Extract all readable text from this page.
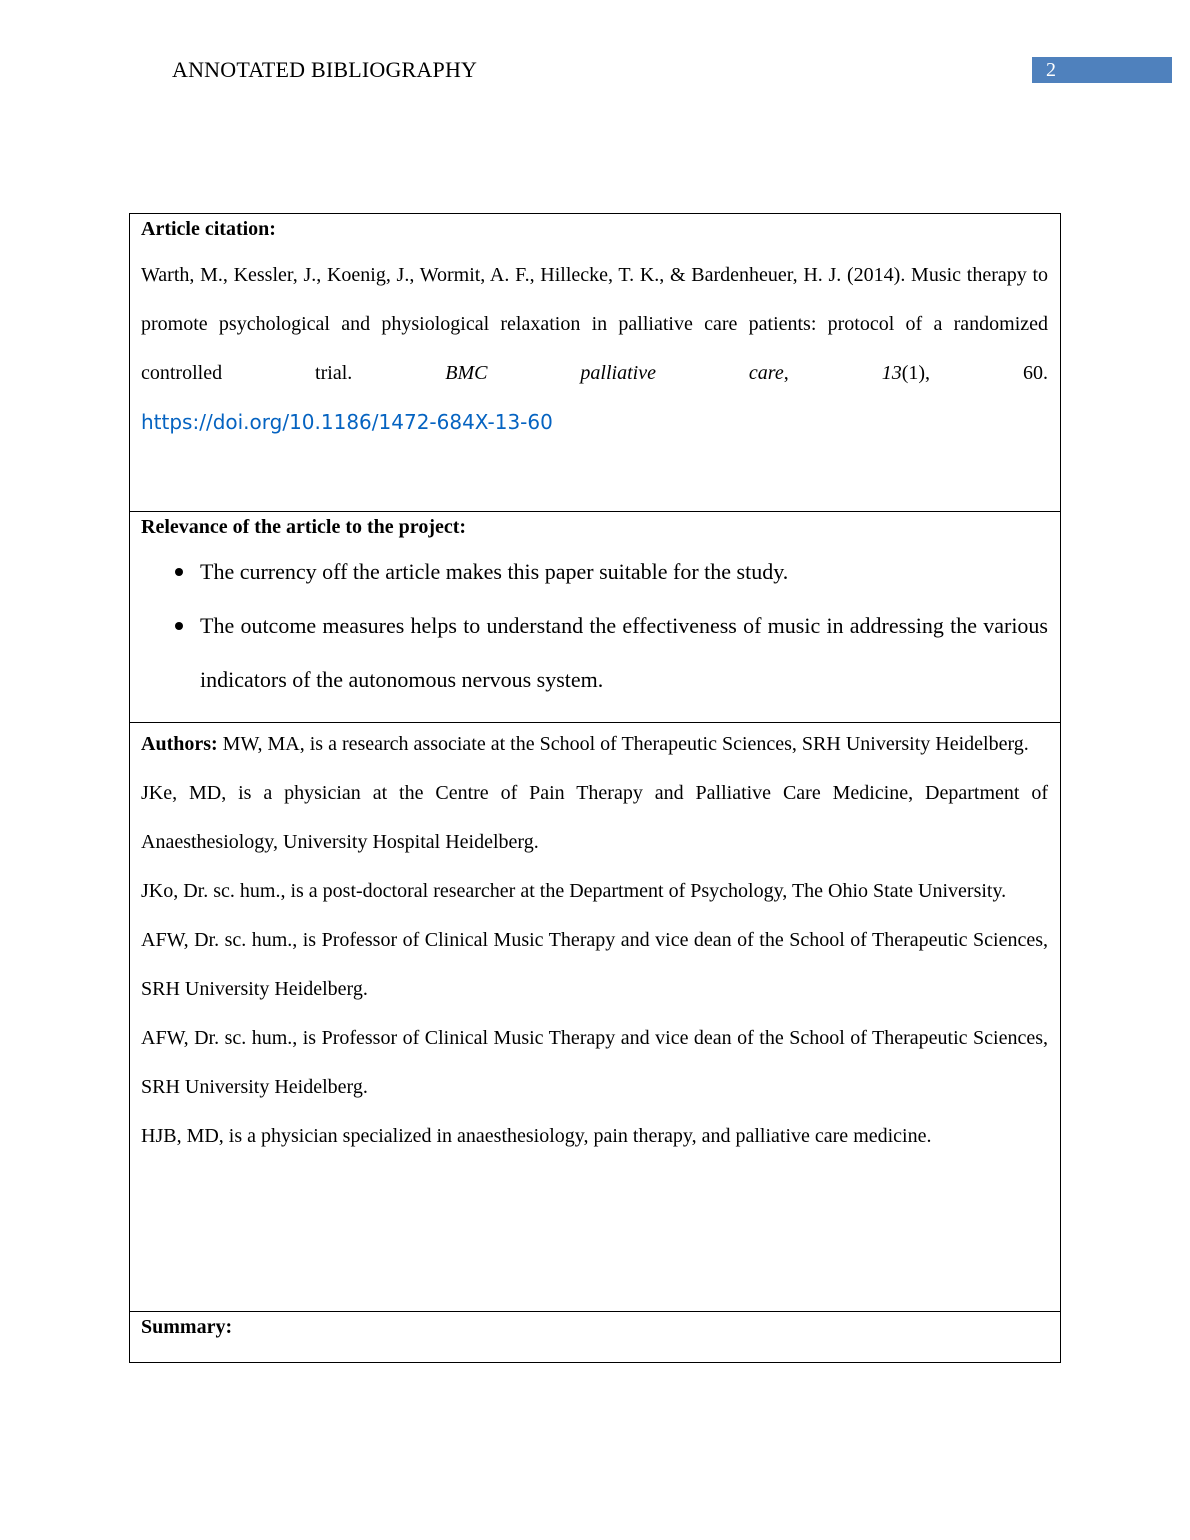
ANNOTATED BIBLIOGRAPHY	2
Article citation:

Warth, M., Kessler, J., Koenig, J., Wormit, A. F., Hillecke, T. K., & Bardenheuer, H. J. (2014). Music therapy to promote psychological and physiological relaxation in palliative care patients: protocol of a randomized controlled trial. BMC palliative care, 13(1), 60.

https://doi.org/10.1186/1472-684X-13-60
Relevance of the article to the project:
The currency off the article makes this paper suitable for the study.
The outcome measures helps to understand the effectiveness of music in addressing the various indicators of the autonomous nervous system.
Authors: MW, MA, is a research associate at the School of Therapeutic Sciences, SRH University Heidelberg.

JKe, MD, is a physician at the Centre of Pain Therapy and Palliative Care Medicine, Department of Anaesthesiology, University Hospital Heidelberg.

JKo, Dr. sc. hum., is a post-doctoral researcher at the Department of Psychology, The Ohio State University.

AFW, Dr. sc. hum., is Professor of Clinical Music Therapy and vice dean of the School of Therapeutic Sciences, SRH University Heidelberg.

AFW, Dr. sc. hum., is Professor of Clinical Music Therapy and vice dean of the School of Therapeutic Sciences, SRH University Heidelberg.

HJB, MD, is a physician specialized in anaesthesiology, pain therapy, and palliative care medicine.

Summary:
